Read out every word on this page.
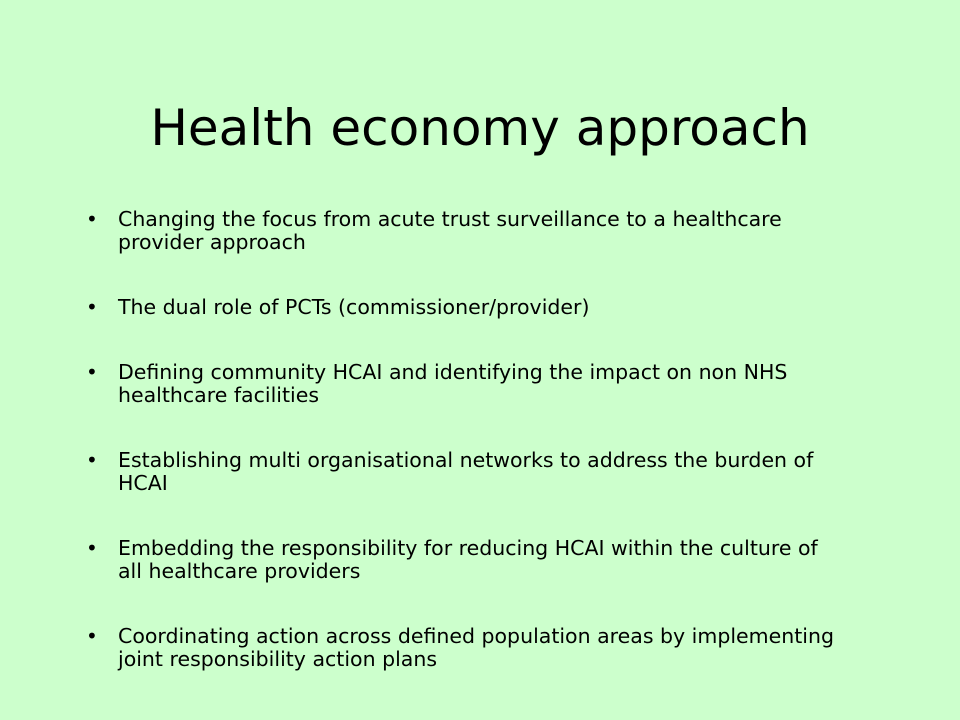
Health economy approach
• Changing the focus from acute trust surveillance to a healthcare provider approach
• The dual role of PCTs (commissioner/provider)
• Defining community HCAI and identifying the impact on non NHS healthcare facilities
• Establishing multi organisational networks to address the burden of HCAI
• Embedding the responsibility for reducing HCAI within the culture of all healthcare providers
• Coordinating action across defined population areas by implementing joint responsibility action plans
